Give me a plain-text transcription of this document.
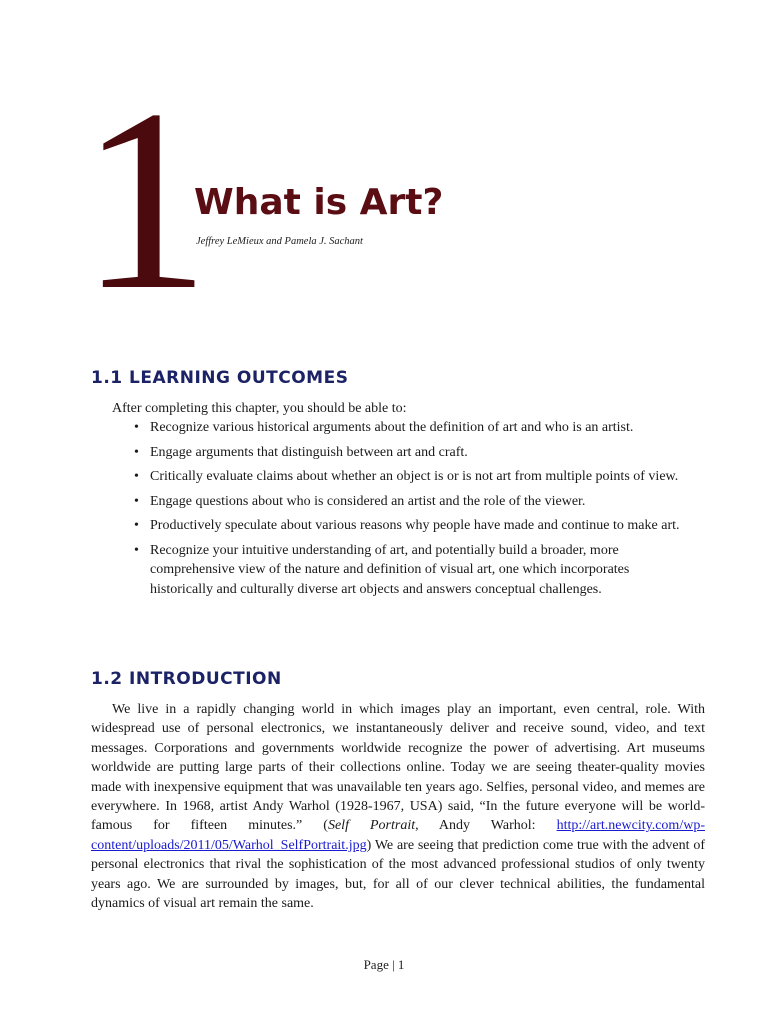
1
What is Art?

Jeffrey LeMieux and Pamela J. Sachant

1.1 LEARNING OUTCOMES

After completing this chapter, you should be able to:

• Recognize various historical arguments about the definition of art and who is an artist.
• Engage arguments that distinguish between art and craft.
• Critically evaluate claims about whether an object is or is not art from multiple points of view.
• Engage questions about who is considered an artist and the role of the viewer.
• Productively speculate about various reasons why people have made and continue to make art.
• Recognize your intuitive understanding of art, and potentially build a broader, more comprehensive view of the nature and definition of visual art, one which incorporates historically and culturally diverse art objects and answers conceptual challenges.
1.2 INTRODUCTION

We live in a rapidly changing world in which images play an important, even central, role. With widespread use of personal electronics, we instantaneously deliver and receive sound, video, and text messages. Corporations and governments worldwide recognize the power of advertising. Art museums worldwide are putting large parts of their collections online. Today we are seeing theater-quality movies made with inexpensive equipment that was unavailable ten years ago. Selfies, personal video, and memes are everywhere. In 1968, artist Andy Warhol (1928-1967, USA) said, “In the future everyone will be world-famous for fifteen minutes.” (Self Portrait, Andy Warhol: http://art.newcity.com/wp-content/uploads/2011/05/Warhol_SelfPortrait.jpg) We are seeing that prediction come true with the advent of personal electronics that rival the sophistication of the most advanced professional studios of only twenty years ago. We are surrounded by images, but, for all of our clever technical abilities, the fundamental dynamics of visual art remain the same.

Page | 1
